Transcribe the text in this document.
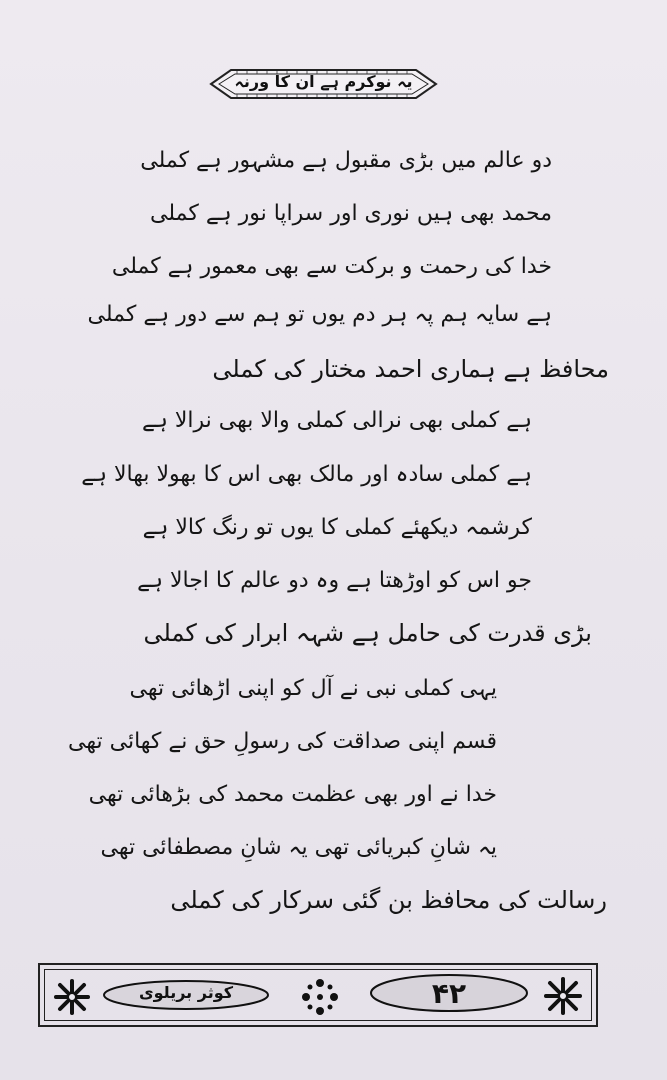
یہ نوکرم ہے ان کا ورنہ
دو عالم میں بڑی مقبول ہے مشہور ہے کملی
محمد بھی ہیں نوری اور سراپا نور ہے کملی
خدا کی رحمت و برکت سے بھی معمور ہے کملی
ہے سایہ ہم پہ ہر دم یوں تو ہم سے دور ہے کملی
محافظ ہے ہماری احمد مختار کی کملی
ہے کملی بھی نرالی کملی والا بھی نرالا ہے
ہے کملی سادہ اور مالک بھی اس کا بھولا بھالا ہے
کرشمہ دیکھئے کملی کا یوں تو رنگ کالا ہے
جو اس کو اوڑھتا ہے وہ دو عالم کا اجالا ہے
بڑی قدرت کی حامل ہے شہہ ابرار کی کملی
یہی کملی نبی نے آل کو اپنی اڑھائی تھی
قسم اپنی صداقت کی رسولِ حق نے کھائی تھی
خدا نے اور بھی عظمت محمد کی بڑھائی تھی
یہ شانِ کبریائی تھی یہ شانِ مصطفائی تھی
رسالت کی محافظ بن گئی سرکار کی کملی
کوثر بریلوی	۴۲
